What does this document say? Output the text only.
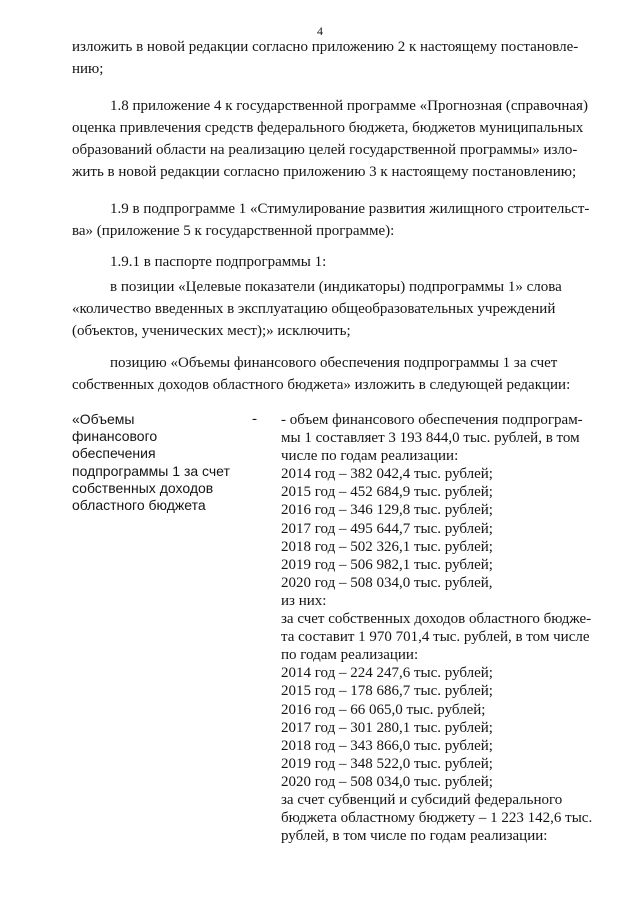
4
изложить в новой редакции согласно приложению 2 к настоящему постановле-
нию;
1.8 приложение 4 к государственной программе «Прогнозная (справочная)
оценка привлечения средств федерального бюджета, бюджетов муниципальных
образований области на реализацию целей государственной программы» изло-
жить в новой редакции согласно приложению 3 к настоящему постановлению;
1.9 в подпрограмме 1 «Стимулирование развития жилищного строительст-
ва» (приложение 5 к государственной программе):
1.9.1 в паспорте подпрограммы 1:
в позиции «Целевые показатели (индикаторы) подпрограммы 1» слова
«количество введенных в эксплуатацию общеобразовательных учреждений
(объектов, ученических мест);» исключить;
позицию «Объемы финансового обеспечения подпрограммы 1 за счет
собственных доходов областного бюджета» изложить в следующей редакции:
«Объемы
финансового
обеспечения
подпрограммы 1 за счет
собственных доходов
областного бюджета
- - объем финансового обеспечения подпрограм-
мы 1 составляет 3 193 844,0 тыс. рублей, в том
числе по годам реализации:
2014 год – 382 042,4 тыс. рублей;
2015 год – 452 684,9 тыс. рублей;
2016 год – 346 129,8 тыс. рублей;
2017 год – 495 644,7 тыс. рублей;
2018 год – 502 326,1 тыс. рублей;
2019 год – 506 982,1 тыс. рублей;
2020 год – 508 034,0 тыс. рублей,
из них:
за счет собственных доходов областного бюдже-
та составит 1 970 701,4 тыс. рублей, в том числе
по годам реализации:
2014 год – 224 247,6 тыс. рублей;
2015 год – 178 686,7 тыс. рублей;
2016 год – 66 065,0 тыс. рублей;
2017 год – 301 280,1 тыс. рублей;
2018 год – 343 866,0 тыс. рублей;
2019 год – 348 522,0 тыс. рублей;
2020 год – 508 034,0 тыс. рублей;
за счет субвенций и субсидий федерального
бюджета областному бюджету – 1 223 142,6 тыс.
рублей, в том числе по годам реализации:
